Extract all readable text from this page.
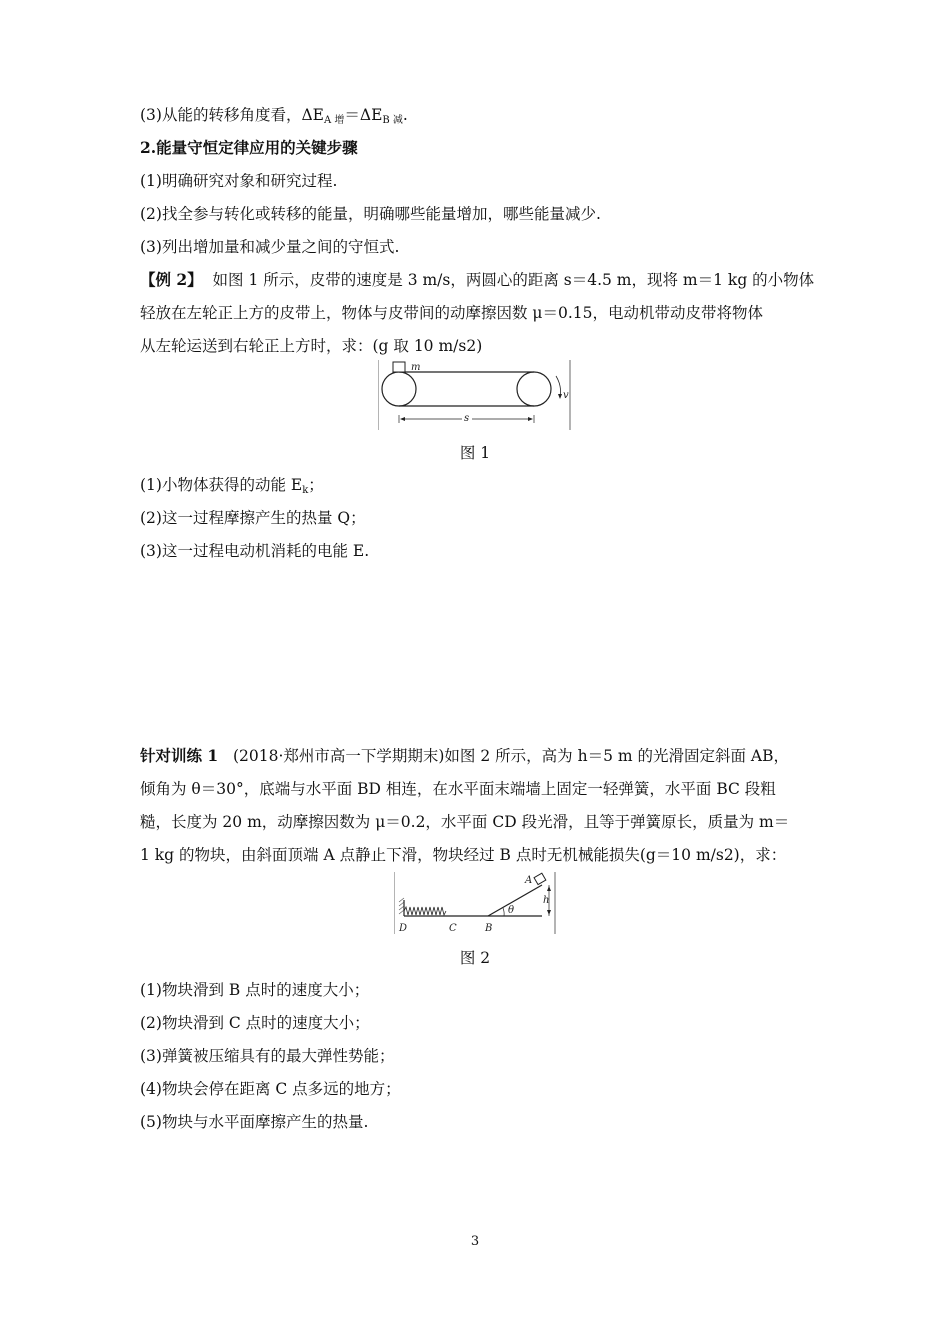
(3)从能的转移角度看，$\Delta E_{A 增}=\Delta E_{B 减}$.
2.能量守恒定律应用的关键步骤
(1)明确研究对象和研究过程.
(2)找全参与转化或转移的能量，明确哪些能量增加，哪些能量减少.
(3)列出增加量和减少量之间的守恒式.
【例 2】 如图 1 所示，皮带的速度是 3 m/s，两圆心的距离 s＝4.5 m，现将 m＝1 kg 的小物体
轻放在左轮正上方的皮带上，物体与皮带间的动摩擦因数 μ＝0.15，电动机带动皮带将物体
从左轮运送到右轮正上方时，求：(g 取 10 m/s2)
m
v
s
图 1
(1)小物体获得的动能 $E_k$；
(2)这一过程摩擦产生的热量 Q；
(3)这一过程电动机消耗的电能 E.
针对训练 1 (2018·郑州市高一下学期期末)如图 2 所示，高为 h＝5 m 的光滑固定斜面 AB，
倾角为 θ＝30°，底端与水平面 BD 相连，在水平面末端墙上固定一轻弹簧，水平面 BC 段粗
糙，长度为 20 m，动摩擦因数为 μ＝0.2，水平面 CD 段光滑，且等于弹簧原长，质量为 m＝
1 kg 的物块，由斜面顶端 A 点静止下滑，物块经过 B 点时无机械能损失(g＝10 m/s2)，求：
A
h
θ
D	C	B
图 2
(1)物块滑到 B 点时的速度大小；
(2)物块滑到 C 点时的速度大小；
(3)弹簧被压缩具有的最大弹性势能；
(4)物块会停在距离 C 点多远的地方；
(5)物块与水平面摩擦产生的热量.
3
